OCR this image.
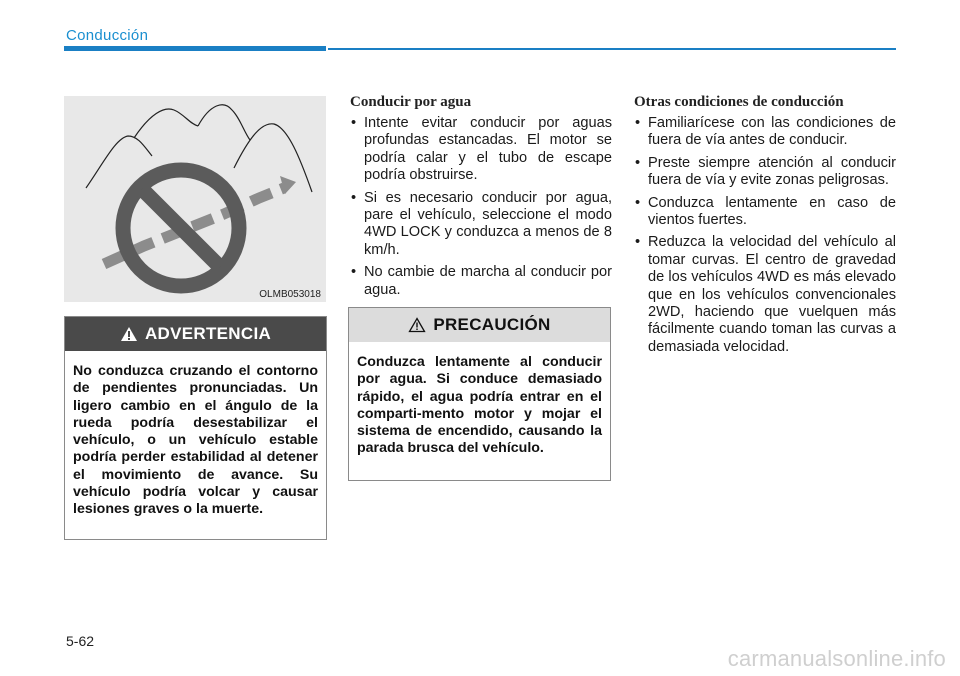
Conducción
OLMB053018
ADVERTENCIA
No conduzca cruzando el contorno de pendientes pronunciadas. Un ligero cambio en el ángulo de la rueda podría desestabilizar el vehículo, o un vehículo estable podría perder estabilidad al detener el movimiento de avance. Su vehículo podría volcar y causar lesiones graves o la muerte.
Conducir por agua
• Intente evitar conducir por aguas profundas estancadas. El motor se podría calar y el tubo de escape podría obstruirse.
• Si es necesario conducir por agua, pare el vehículo, seleccione el modo 4WD LOCK y conduzca a menos de 8 km/h.
• No cambie de marcha al conducir por agua.
PRECAUCIÓN
Conduzca lentamente al conducir por agua. Si conduce demasiado rápido, el agua podría entrar en el comparti-mento motor y mojar el sistema de encendido, causando la parada brusca del vehículo.
Otras condiciones de conducción
• Familiarícese con las condiciones de fuera de vía antes de conducir.
• Preste siempre atención al conducir fuera de vía y evite zonas peligrosas.
• Conduzca lentamente en caso de vientos fuertes.
• Reduzca la velocidad del vehículo al tomar curvas. El centro de gravedad de los vehículos 4WD es más elevado que en los vehículos convencionales 2WD, haciendo que vuelquen más fácilmente cuando toman las curvas a demasiada velocidad.
5-62
carmanualsonline.info
